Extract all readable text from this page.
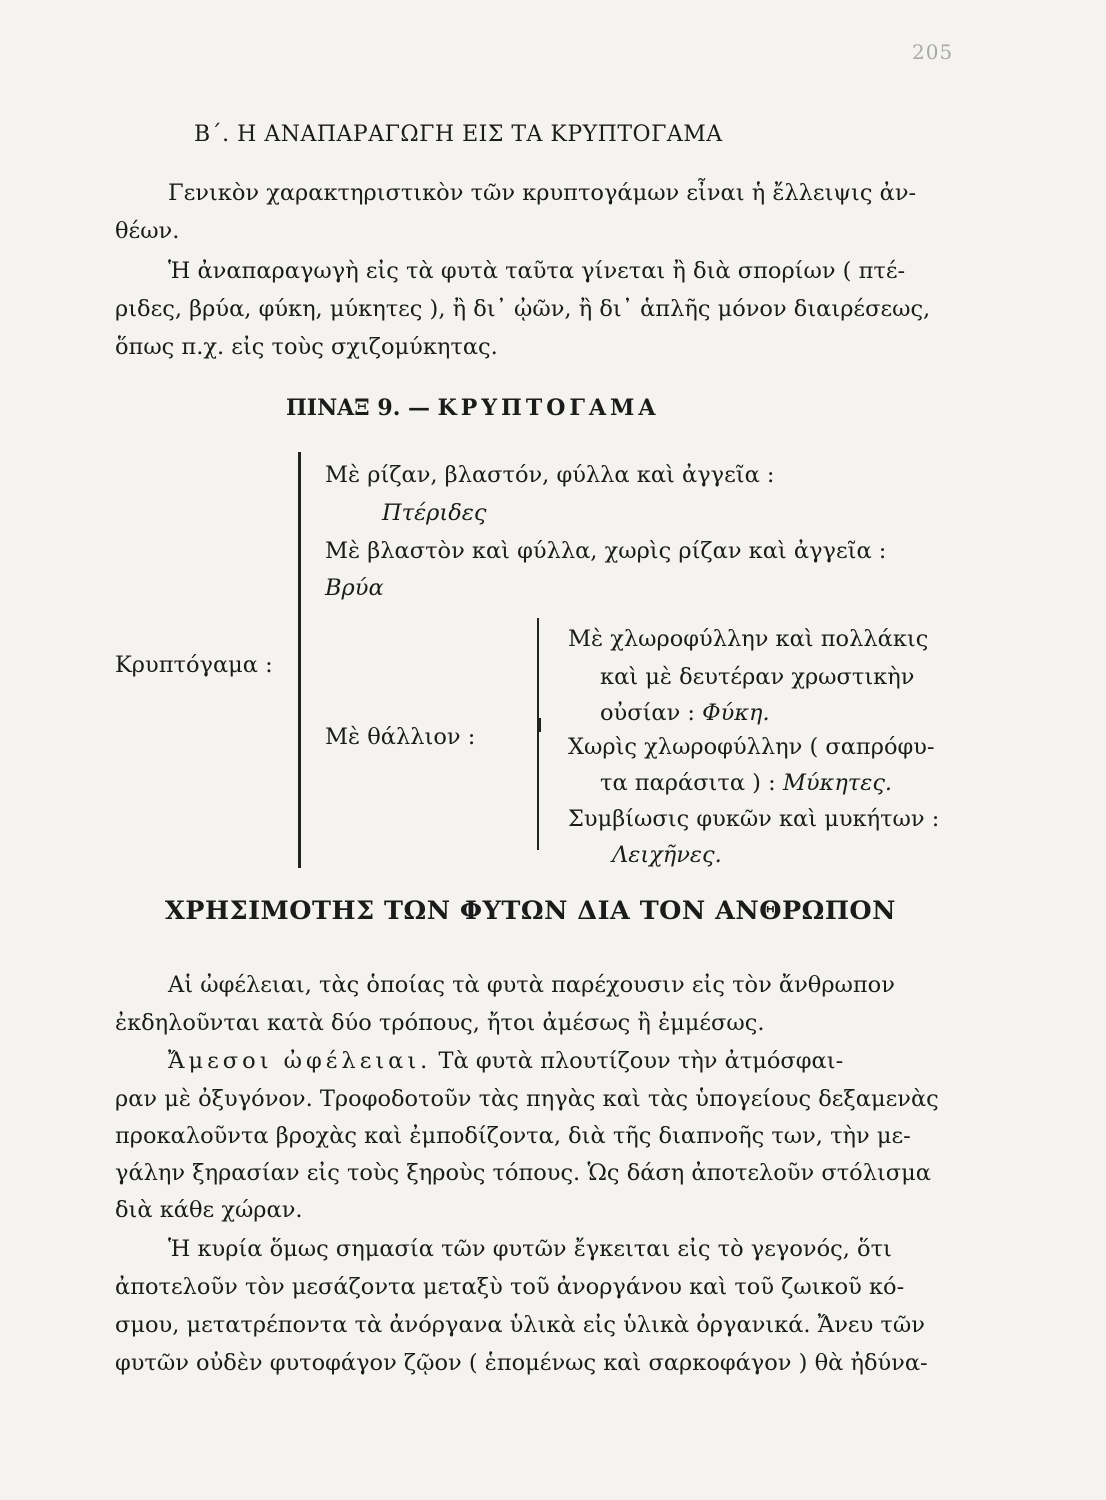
205
Β΄. Η ΑΝΑΠΑΡΑΓΩΓΗ ΕΙΣ ΤΑ ΚΡΥΠΤΟΓΑΜΑ
Γενικὸν χαρακτηριστικὸν τῶν κρυπτογάμων εἶναι ἡ ἔλλειψις ἀν-
θέων.
Ἡ ἀναπαραγωγὴ εἰς τὰ φυτὰ ταῦτα γίνεται ἢ διὰ σπορίων ( πτέ-
ριδες, βρύα, φύκη, μύκητες ), ἢ δι᾿ ᾠῶν, ἢ δι᾿ ἁπλῆς μόνον διαιρέσεως,
ὅπως π.χ. εἰς τοὺς σχιζομύκητας.
ΠΙΝΑΞ 9. — ΚΡΥΠΤΟΓΑΜΑ
Κρυπτόγαμα :
Μὲ ρίζαν, βλαστόν, φύλλα καὶ ἀγγεῖα :
Πτέριδες
Μὲ βλαστὸν καὶ φύλλα, χωρὶς ρίζαν καὶ ἀγγεῖα :
Βρύα
Μὲ θάλλιον :
Μὲ χλωροφύλλην καὶ πολλάκις
καὶ μὲ δευτέραν χρωστικὴν
οὐσίαν : Φύκη.
Χωρὶς χλωροφύλλην ( σαπρόφυ-
τα παράσιτα ) : Μύκητες.
Συμβίωσις φυκῶν καὶ μυκήτων :
Λειχῆνες.
ΧΡΗΣΙΜΟΤΗΣ ΤΩΝ ΦΥΤΩΝ ΔΙΑ ΤΟΝ ΑΝΘΡΩΠΟΝ
Αἱ ὠφέλειαι, τὰς ὁποίας τὰ φυτὰ παρέχουσιν εἰς τὸν ἄνθρωπον
ἐκδηλοῦνται κατὰ δύο τρόπους, ἤτοι ἀμέσως ἢ ἐμμέσως.
Ἄμεσοι ὠφέλειαι. Τὰ φυτὰ πλουτίζουν τὴν ἀτμόσφαι-
ραν μὲ ὀξυγόνον. Τροφοδοτοῦν τὰς πηγὰς καὶ τὰς ὑπογείους δεξαμενὰς
προκαλοῦντα βροχὰς καὶ ἐμποδίζοντα, διὰ τῆς διαπνοῆς των, τὴν με-
γάλην ξηρασίαν εἰς τοὺς ξηροὺς τόπους. Ὡς δάση ἀποτελοῦν στόλισμα
διὰ κάθε χώραν.
Ἡ κυρία ὅμως σημασία τῶν φυτῶν ἔγκειται εἰς τὸ γεγονός, ὅτι
ἀποτελοῦν τὸν μεσάζοντα μεταξὺ τοῦ ἀνοργάνου καὶ τοῦ ζωικοῦ κό-
σμου, μετατρέποντα τὰ ἀνόργανα ὑλικὰ εἰς ὑλικὰ ὀργανικά. Ἄνευ τῶν
φυτῶν οὐδὲν φυτοφάγον ζῷον ( ἑπομένως καὶ σαρκοφάγον ) θὰ ἠδύνα-
